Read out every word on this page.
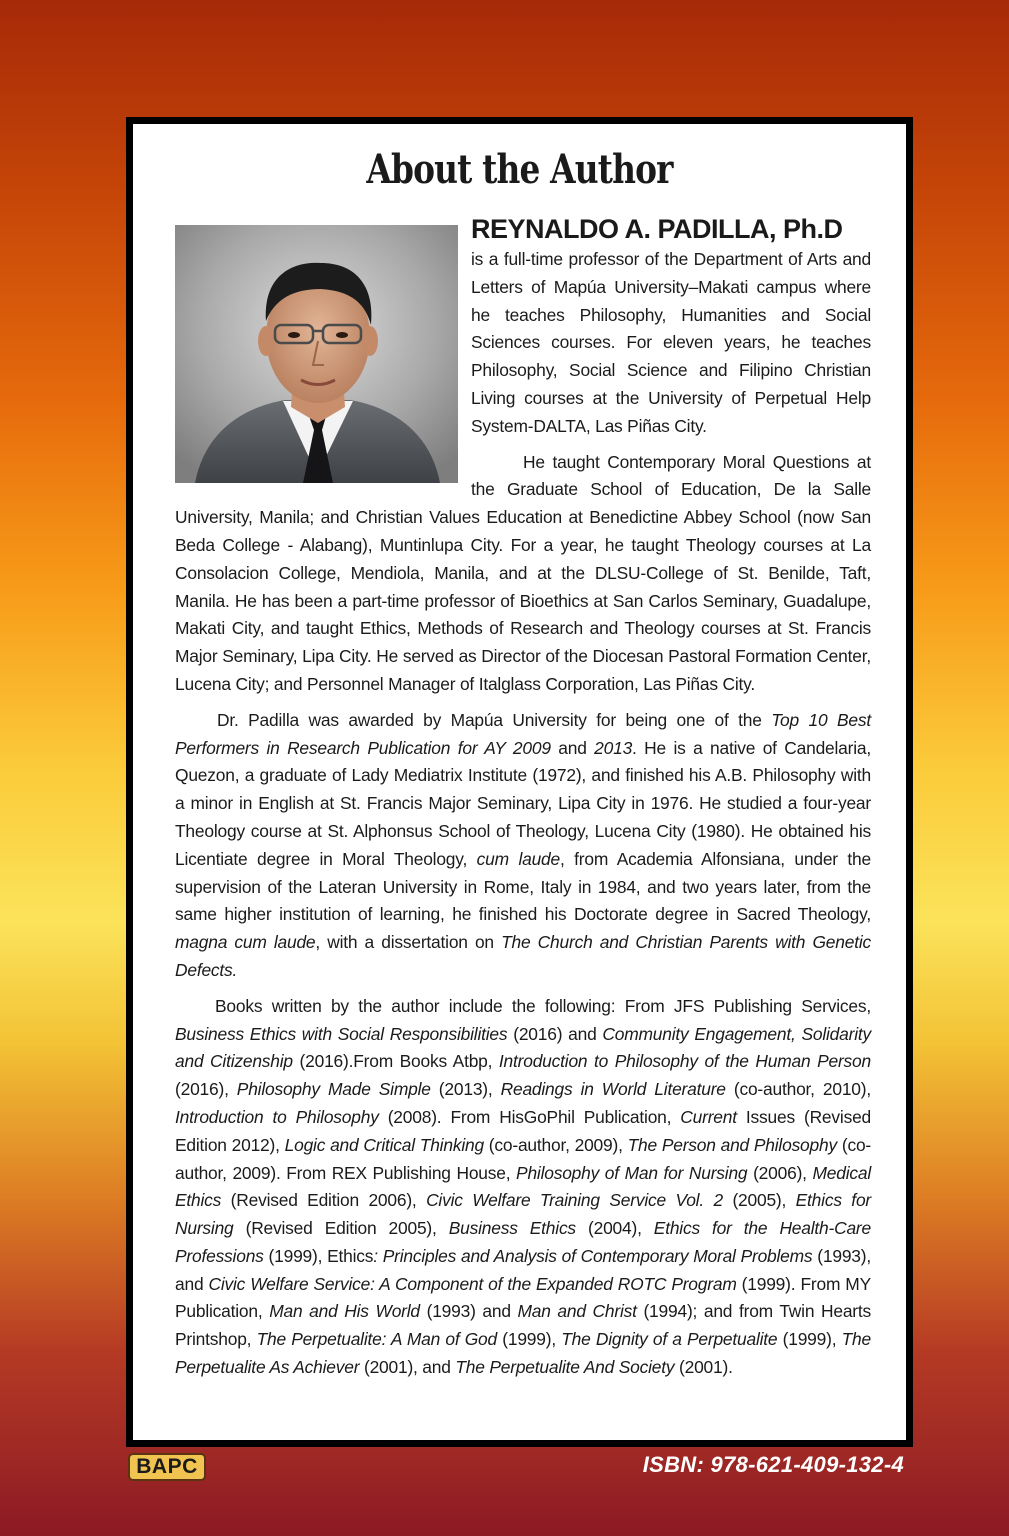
About the Author
REYNALDO A. PADILLA, Ph.D
is a full-time professor of the Department of Arts and Letters of Mapúa University–Makati campus where he teaches Philosophy, Humanities and Social Sciences courses. For eleven years, he teaches Philosophy, Social Science and Filipino Christian Living courses at the University of Perpetual Help System-DALTA, Las Piñas City.
He taught Contemporary Moral Questions at the Graduate School of Education, De la Salle University, Manila; and Christian Values Education at Benedictine Abbey School (now San Beda College - Alabang), Muntinlupa City. For a year, he taught Theology courses at La Consolacion College, Mendiola, Manila, and at the DLSU-College of St. Benilde, Taft, Manila. He has been a part-time professor of Bioethics at San Carlos Seminary, Guadalupe, Makati City, and taught Ethics, Methods of Research and Theology courses at St. Francis Major Seminary, Lipa City. He served as Director of the Diocesan Pastoral Formation Center, Lucena City; and Personnel Manager of Italglass Corporation, Las Piñas City.
Dr. Padilla was awarded by Mapúa University for being one of the Top 10 Best Performers in Research Publication for AY 2009 and 2013. He is a native of Candelaria, Quezon, a graduate of Lady Mediatrix Institute (1972), and finished his A.B. Philosophy with a minor in English at St. Francis Major Seminary, Lipa City in 1976. He studied a four-year Theology course at St. Alphonsus School of Theology, Lucena City (1980). He obtained his Licentiate degree in Moral Theology, cum laude, from Academia Alfonsiana, under the supervision of the Lateran University in Rome, Italy in 1984, and two years later, from the same higher institution of learning, he finished his Doctorate degree in Sacred Theology, magna cum laude, with a dissertation on The Church and Christian Parents with Genetic Defects.
Books written by the author include the following: From JFS Publishing Services, Business Ethics with Social Responsibilities (2016) and Community Engagement, Solidarity and Citizenship (2016).From Books Atbp, Introduction to Philosophy of the Human Person (2016), Philosophy Made Simple (2013), Readings in World Literature (co-author, 2010), Introduction to Philosophy (2008). From HisGoPhil Publication, Current Issues (Revised Edition 2012), Logic and Critical Thinking (co-author, 2009), The Person and Philosophy (co-author, 2009). From REX Publishing House, Philosophy of Man for Nursing (2006), Medical Ethics (Revised Edition 2006), Civic Welfare Training Service Vol. 2 (2005), Ethics for Nursing (Revised Edition 2005), Business Ethics (2004), Ethics for the Health-Care Professions (1999), Ethics: Principles and Analysis of Contemporary Moral Problems (1993), and Civic Welfare Service: A Component of the Expanded ROTC Program (1999). From MY Publication, Man and His World (1993) and Man and Christ (1994); and from Twin Hearts Printshop, The Perpetualite: A Man of God (1999), The Dignity of a Perpetualite (1999), The Perpetualite As Achiever (2001), and The Perpetualite And Society (2001).
BAPC	ISBN: 978-621-409-132-4
